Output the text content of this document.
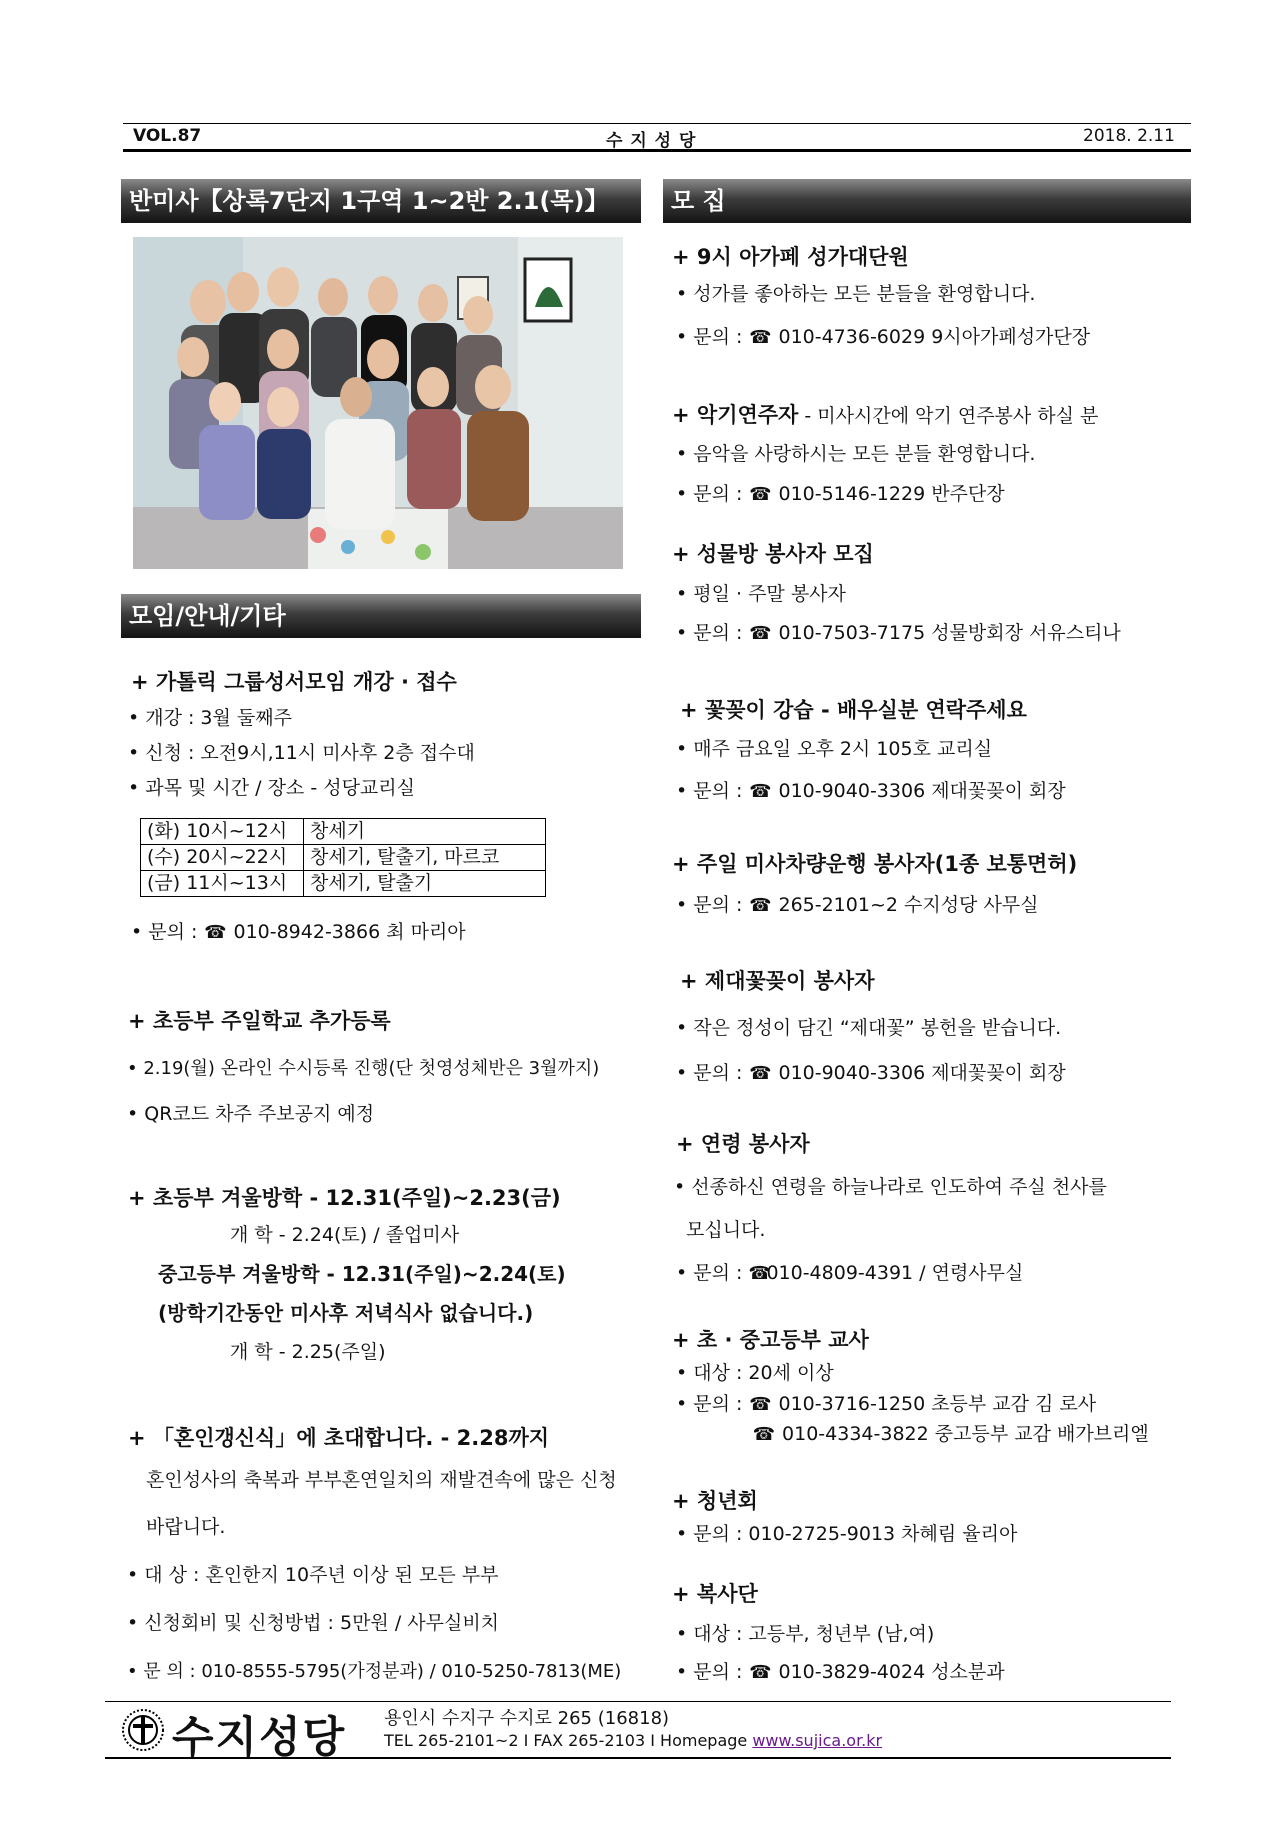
VOL.87	수 지 성 당	2018. 2.11
반미사【상록7단지 1구역 1~2반 2.1(목)】
모임/안내/기타
+ 가톨릭 그룹성서모임 개강 · 접수
• 개강 : 3월 둘째주
• 신청 : 오전9시,11시 미사후 2층 접수대
• 과목 및 시간 / 장소 - 성당교리실
(화) 10시~12시	창세기
(수) 20시~22시	창세기, 탈출기, 마르코
(금) 11시~13시	창세기, 탈출기
• 문의 : ☎ 010-8942-3866 최 마리아
+ 초등부 주일학교 추가등록
• 2.19(월) 온라인 수시등록 진행(단 첫영성체반은 3월까지)
• QR코드 차주 주보공지 예정
+ 초등부 겨울방학 - 12.31(주일)~2.23(금)
개 학 - 2.24(토) / 졸업미사
중고등부 겨울방학 - 12.31(주일)~2.24(토)
(방학기간동안 미사후 저녁식사 없습니다.)
개 학 - 2.25(주일)
+ 「혼인갱신식」에 초대합니다. - 2.28까지
혼인성사의 축복과 부부혼연일치의 재발견속에 많은 신청
바랍니다.
• 대 상 : 혼인한지 10주년 이상 된 모든 부부
• 신청회비 및 신청방법 : 5만원 / 사무실비치
• 문 의 : 010-8555-5795(가정분과) / 010-5250-7813(ME)
모 집
+ 9시 아가페 성가대단원
• 성가를 좋아하는 모든 분들을 환영합니다.
• 문의 : ☎ 010-4736-6029 9시아가페성가단장
+ 악기연주자 - 미사시간에 악기 연주봉사 하실 분
• 음악을 사랑하시는 모든 분들 환영합니다.
• 문의 : ☎ 010-5146-1229 반주단장
+ 성물방 봉사자 모집
• 평일 · 주말 봉사자
• 문의 : ☎ 010-7503-7175 성물방회장 서유스티나
+ 꽃꽂이 강습 - 배우실분 연락주세요
• 매주 금요일 오후 2시 105호 교리실
• 문의 : ☎ 010-9040-3306 제대꽃꽂이 회장
+ 주일 미사차량운행 봉사자(1종 보통면허)
• 문의 : ☎ 265-2101~2 수지성당 사무실
+ 제대꽃꽂이 봉사자
• 작은 정성이 담긴 “제대꽃” 봉헌을 받습니다.
• 문의 : ☎ 010-9040-3306 제대꽃꽂이 회장
+ 연령 봉사자
• 선종하신 연령을 하늘나라로 인도하여 주실 천사를
모십니다.
• 문의 : ☎010-4809-4391 / 연령사무실
+ 초 · 중고등부 교사
• 대상 : 20세 이상
• 문의 : ☎ 010-3716-1250 초등부 교감 김 로사
☎ 010-4334-3822 중고등부 교감 배가브리엘
+ 청년회
• 문의 : 010-2725-9013 차혜림 율리아
+ 복사단
• 대상 : 고등부, 청년부 (남,여)
• 문의 : ☎ 010-3829-4024 성소분과
수지성당 용인시 수지구 수지로 265 (16818)
TEL 265-2101~2 I FAX 265-2103 I Homepage www.sujica.or.kr
